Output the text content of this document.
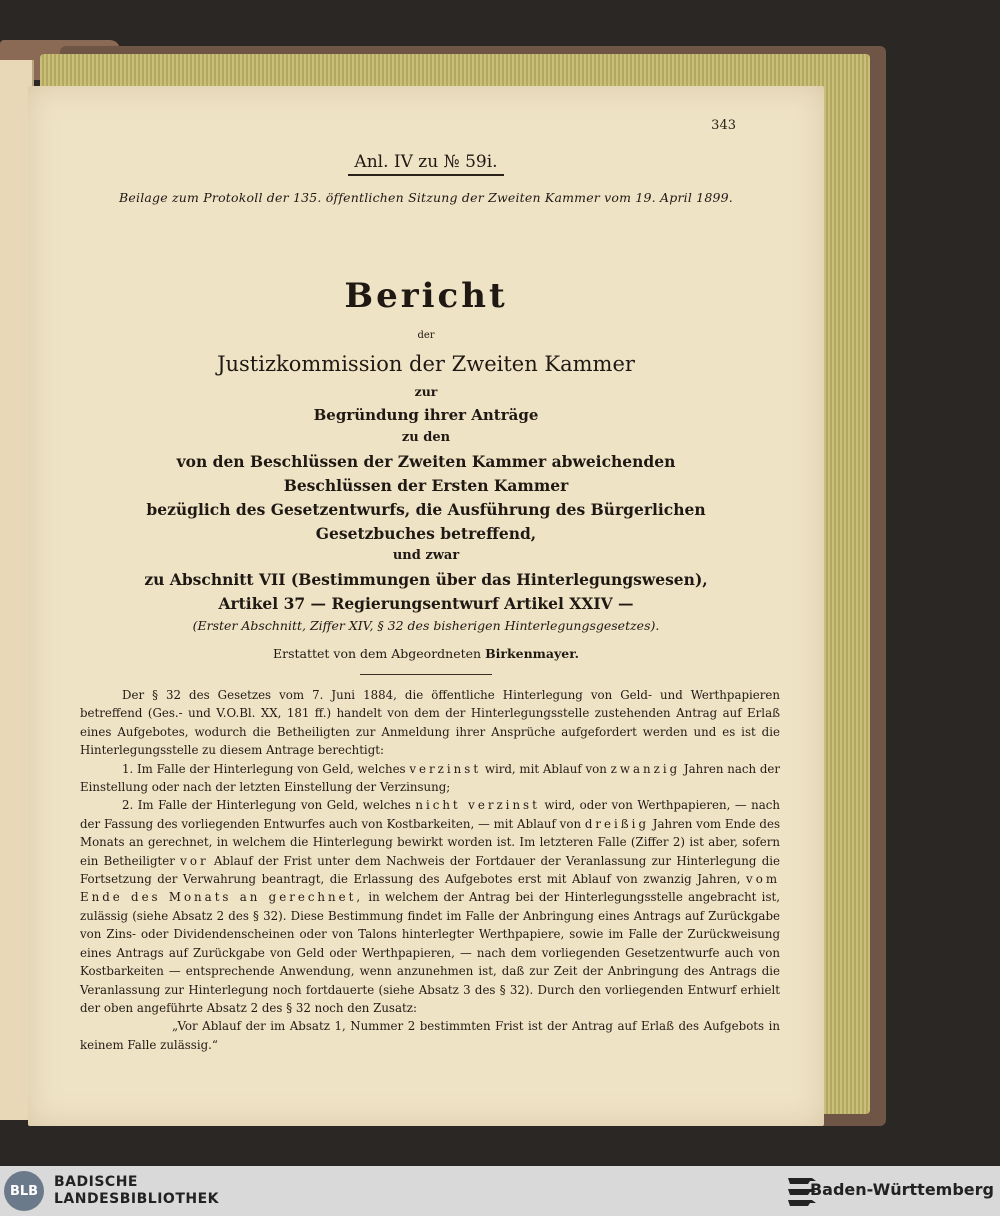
343
Anl. IV zu № 59i.
Beilage zum Protokoll der 135. öffentlichen Sitzung der Zweiten Kammer vom 19. April 1899.
Bericht
der
Justizkommission der Zweiten Kammer
zur
Begründung ihrer Anträge
zu den
von den Beschlüssen der Zweiten Kammer abweichenden
Beschlüssen der Ersten Kammer
bezüglich des Gesetzentwurfs, die Ausführung des Bürgerlichen
Gesetzbuches betreffend,
und zwar
zu Abschnitt VII (Bestimmungen über das Hinterlegungswesen),
Artikel 37 — Regierungsentwurf Artikel XXIV —
(Erster Abschnitt, Ziffer XIV, § 32 des bisherigen Hinterlegungsgesetzes).
Erstattet von dem Abgeordneten Birkenmayer.

Der § 32 des Gesetzes vom 7. Juni 1884, die öffentliche Hinterlegung von Geld- und Werthpapieren betreffend (Ges.- und V.O.Bl. XX, 181 ff.) handelt von dem der Hinterlegungsstelle zustehenden Antrag auf Erlaß eines Aufgebotes, wodurch die Betheiligten zur Anmeldung ihrer Ansprüche aufgefordert werden und es ist die Hinterlegungsstelle zu diesem Antrage berechtigt:

1. Im Falle der Hinterlegung von Geld, welches verzinst wird, mit Ablauf von zwanzig Jahren nach der Einstellung oder nach der letzten Einstellung der Verzinsung;

2. Im Falle der Hinterlegung von Geld, welches nicht verzinst wird, oder von Werthpapieren, — nach der Fassung des vorliegenden Entwurfes auch von Kostbarkeiten, — mit Ablauf von dreißig Jahren vom Ende des Monats an gerechnet, in welchem die Hinterlegung bewirkt worden ist. Im letzteren Falle (Ziffer 2) ist aber, sofern ein Betheiligter vor Ablauf der Frist unter dem Nachweis der Fortdauer der Veranlassung zur Hinterlegung die Fortsetzung der Verwahrung beantragt, die Erlassung des Aufgebotes erst mit Ablauf von zwanzig Jahren, vom Ende des Monats an gerechnet, in welchem der Antrag bei der Hinterlegungsstelle angebracht ist, zulässig (siehe Absatz 2 des § 32). Diese Bestimmung findet im Falle der Anbringung eines Antrags auf Zurückgabe von Zins- oder Dividendenscheinen oder von Talons hinterlegter Werthpapiere, sowie im Falle der Zurückweisung eines Antrags auf Zurückgabe von Geld oder Werthpapieren, — nach dem vorliegenden Gesetzentwurfe auch von Kostbarkeiten — entsprechende Anwendung, wenn anzunehmen ist, daß zur Zeit der Anbringung des Antrags die Veranlassung zur Hinterlegung noch fortdauerte (siehe Absatz 3 des § 32). Durch den vorliegenden Entwurf erhielt der oben angeführte Absatz 2 des § 32 noch den Zusatz:

„Vor Ablauf der im Absatz 1, Nummer 2 bestimmten Frist ist der Antrag auf Erlaß des Aufgebots in keinem Falle zulässig.“

BLB
BADISCHE
LANDESBIBLIOTHEK	Baden-Württemberg
